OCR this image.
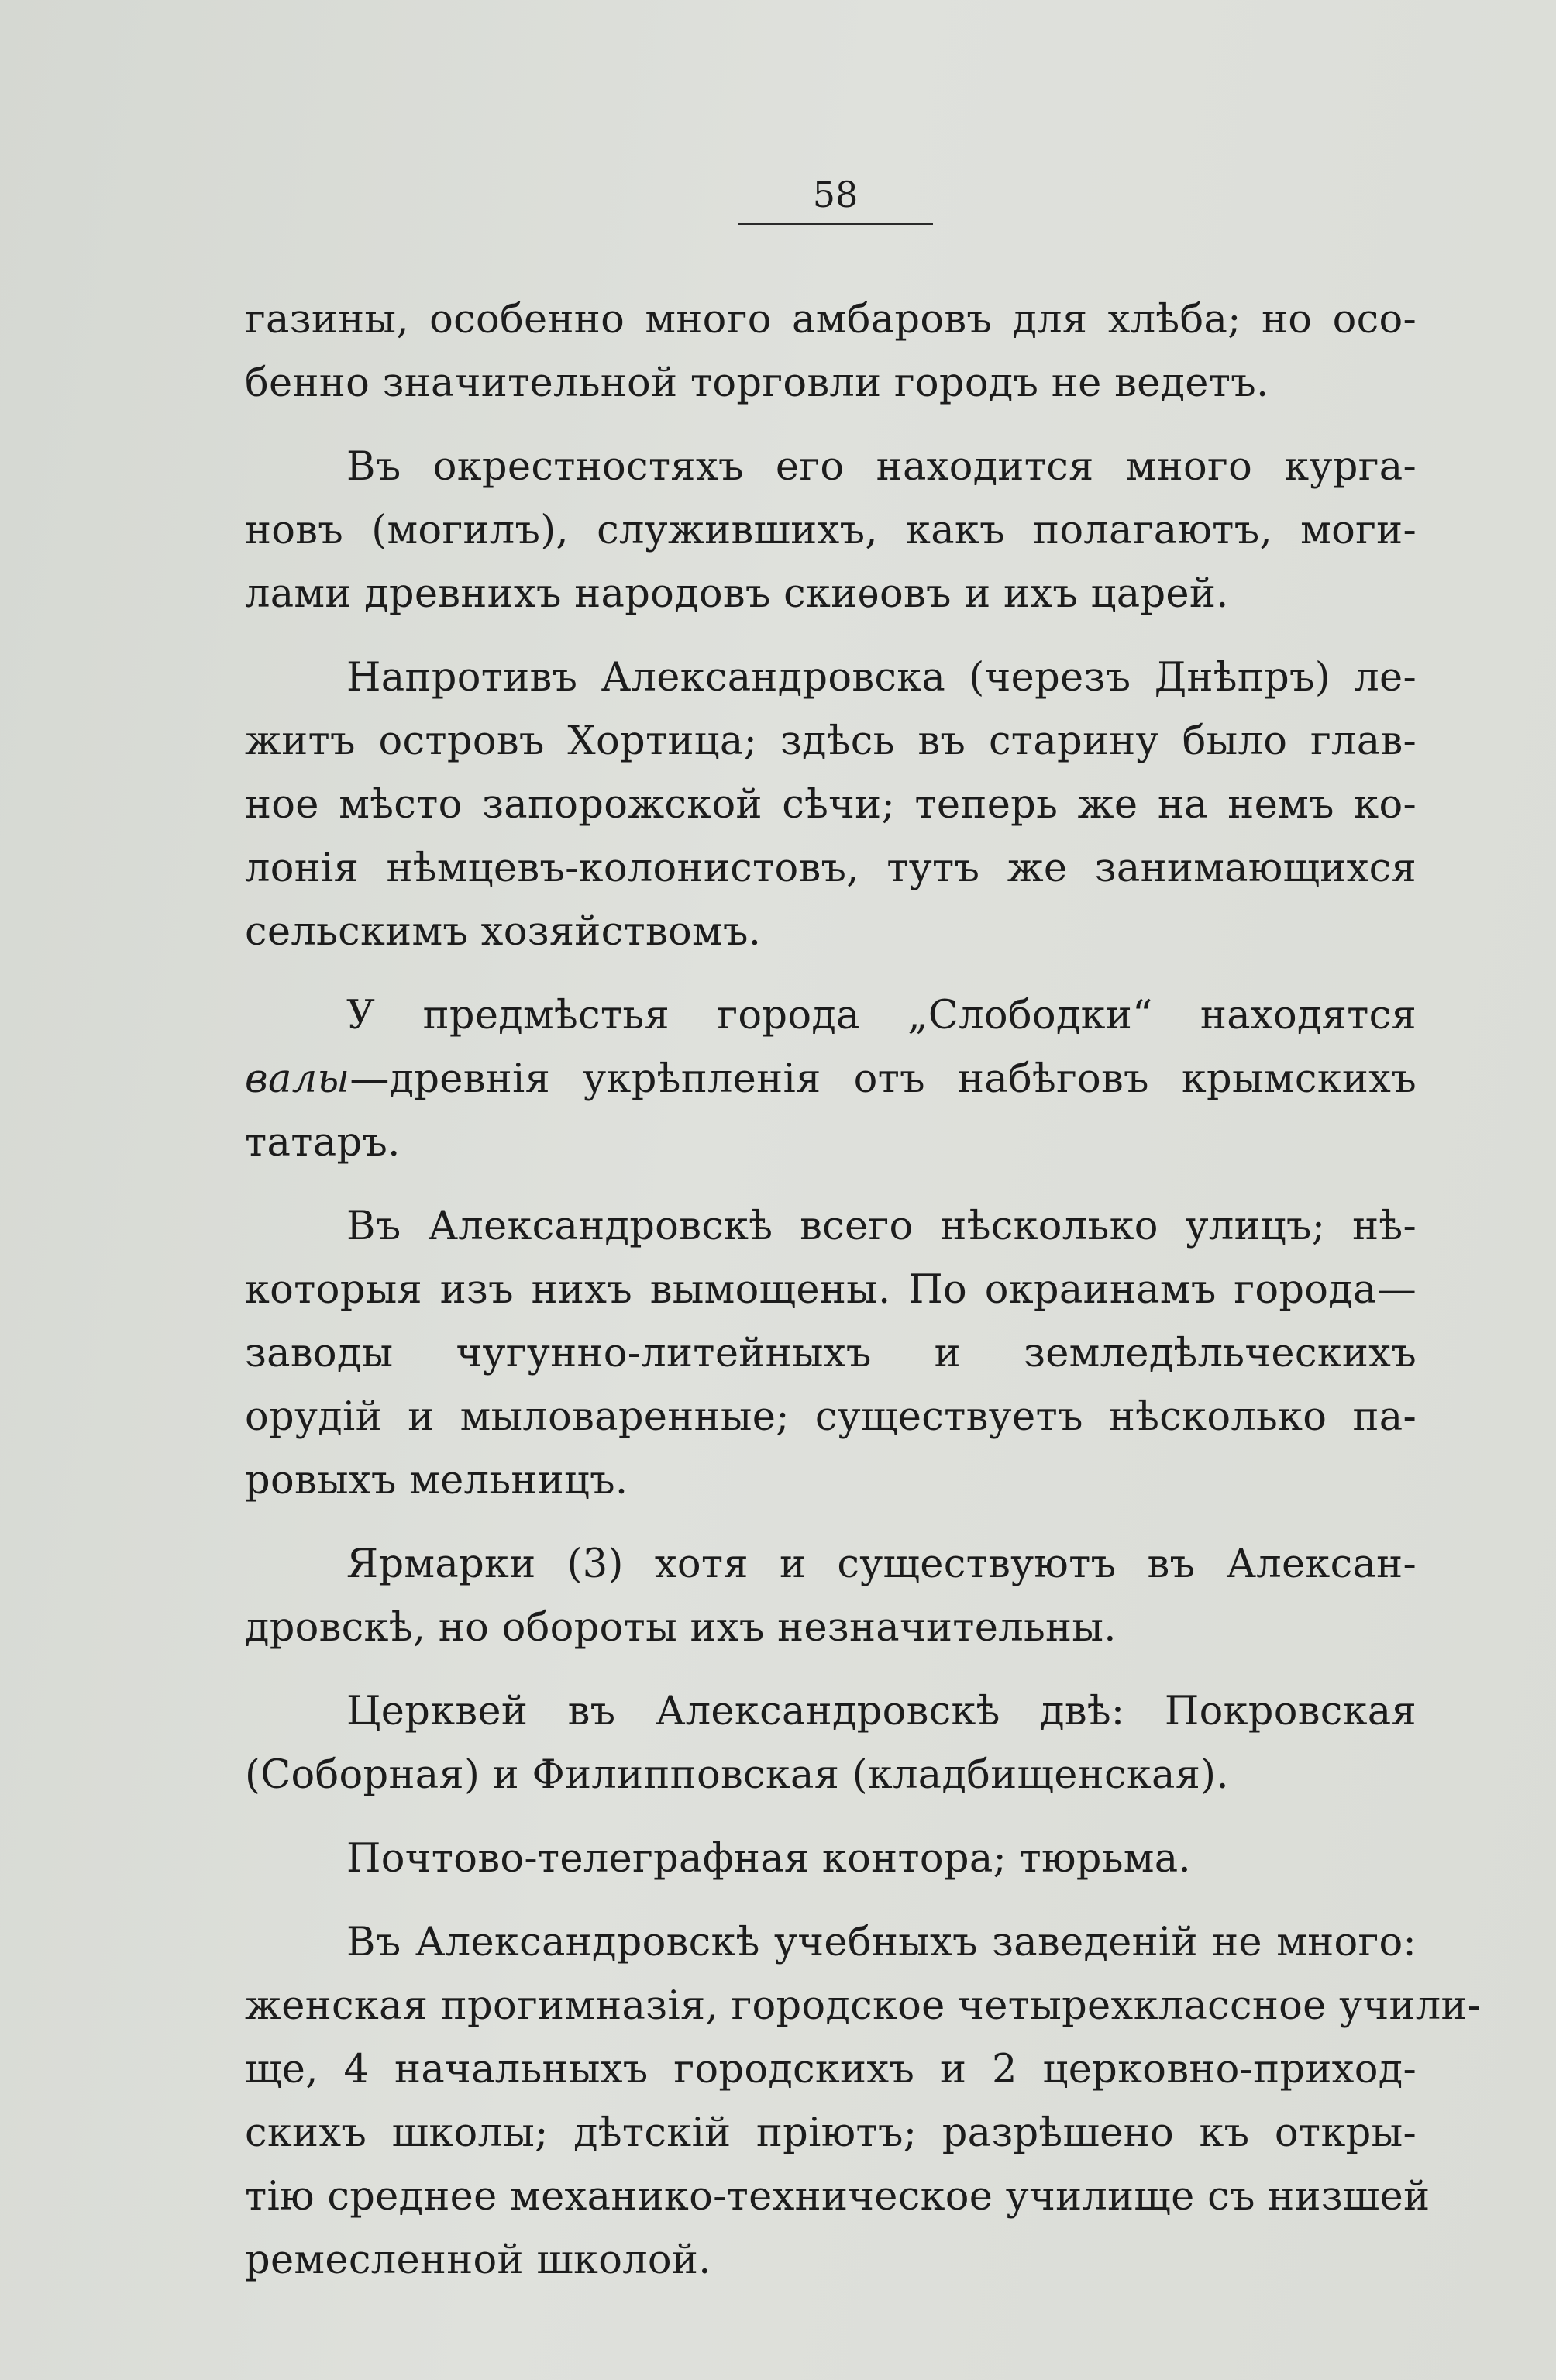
58
газины, особенно много амбаровъ для хлѣба; но осо-
бенно значительной торговли городъ не ведетъ.
Въ окрестностяхъ его находится много курга-
новъ (могилъ), служившихъ, какъ полагаютъ, моги-
лами древнихъ народовъ скиѳовъ и ихъ царей.
Напротивъ Александровска (черезъ Днѣпръ) ле-
житъ островъ Хортица; здѣсь въ старину было глав-
ное мѣсто запорожской сѣчи; теперь же на немъ ко-
лонія нѣмцевъ-колонистовъ, тутъ же занимающихся
сельскимъ хозяйствомъ.
У предмѣстья города „Слободки“ находятся
валы—древнія укрѣпленія отъ набѣговъ крымскихъ
татаръ.
Въ Александровскѣ всего нѣсколько улицъ; нѣ-
которыя изъ нихъ вымощены. По окраинамъ города—
заводы чугунно-литейныхъ и земледѣльческихъ
орудій и мыловаренные; существуетъ нѣсколько па-
ровыхъ мельницъ.
Ярмарки (3) хотя и существуютъ въ Алексан-
дровскѣ, но обороты ихъ незначительны.
Церквей въ Александровскѣ двѣ: Покровская
(Соборная) и Филипповская (кладбищенская).
Почтово-телеграфная контора; тюрьма.
Въ Александровскѣ учебныхъ заведеній не много:
женская прогимназія, городское четырехклассное учили-
ще, 4 начальныхъ городскихъ и 2 церковно-приход-
скихъ школы; дѣтскій пріютъ; разрѣшено къ откры-
тію среднее механико-техническое училище съ низшей
ремесленной школой.
